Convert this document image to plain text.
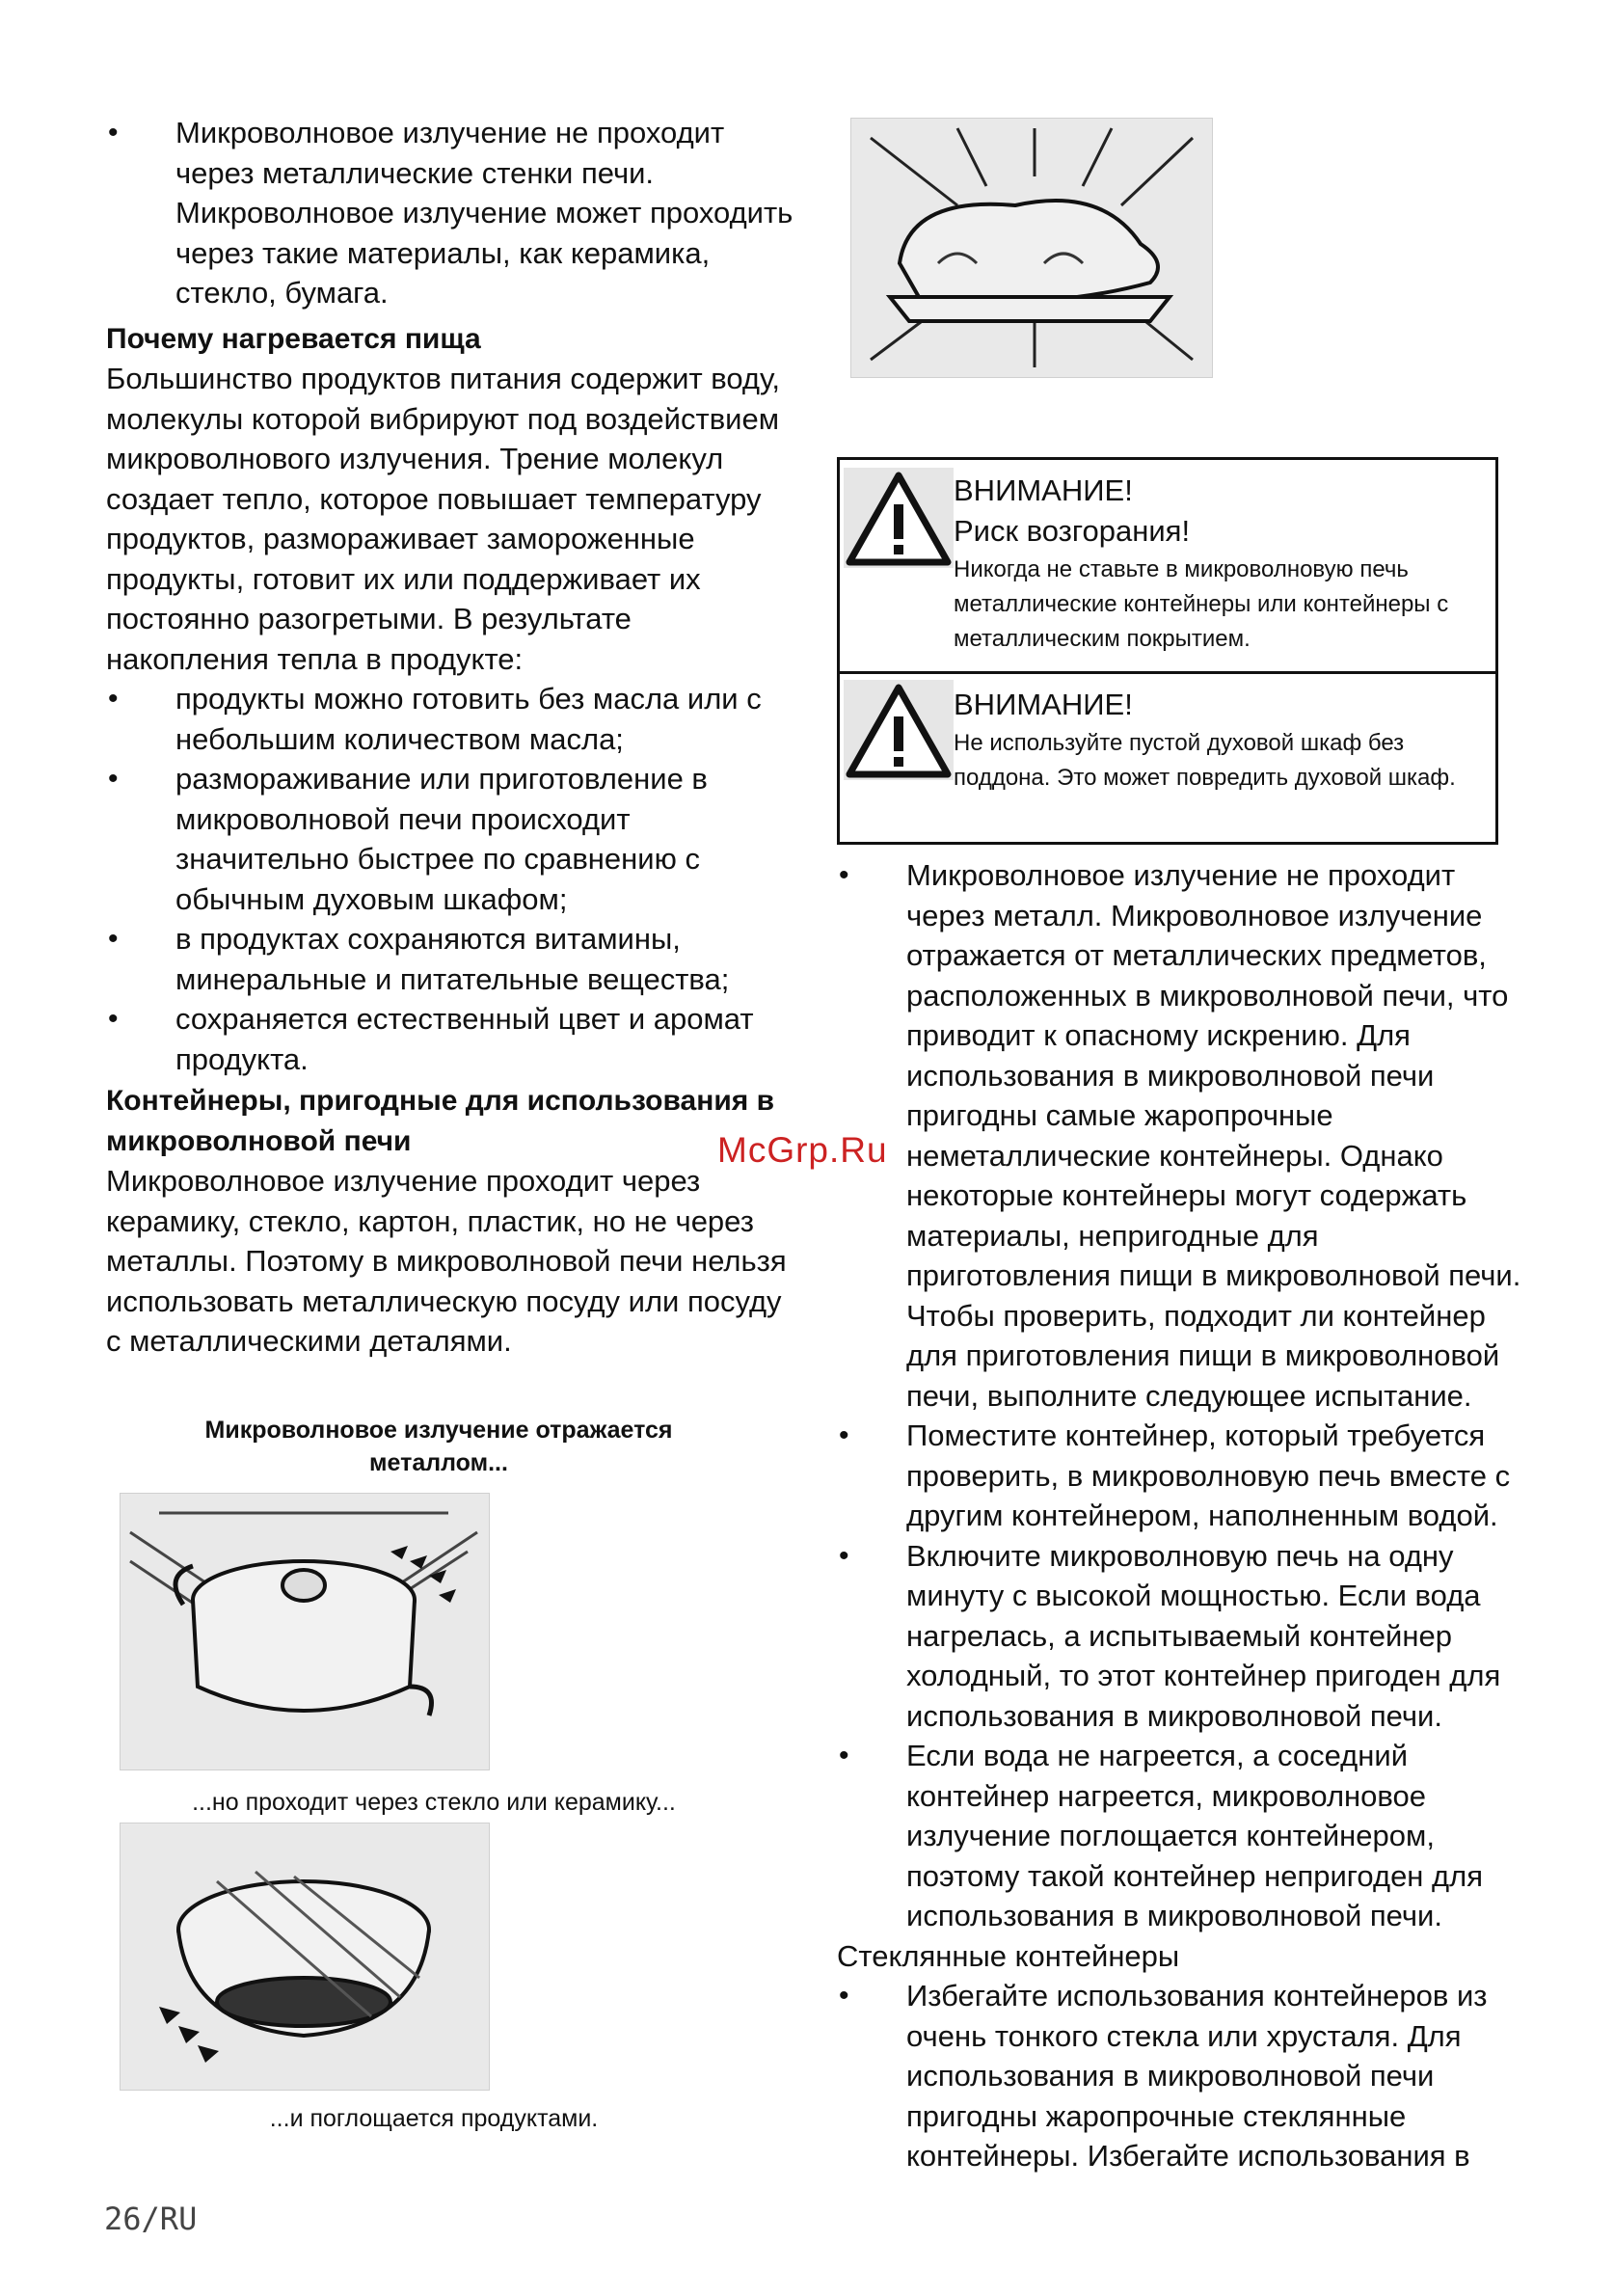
• Микроволновое излучение не проходит через металлические стенки печи. Микроволновое излучение может проходить через такие материалы, как керамика, стекло, бумага.

Почему нагревается пища

Большинство продуктов питания содержит воду, молекулы которой вибрируют под воздействием микроволнового излучения. Трение молекул создает тепло, которое повышает температуру продуктов, размораживает замороженные продукты, готовит их или поддерживает их постоянно разогретыми. В результате накопления тепла в продукте:

• продукты можно готовить без масла или с небольшим количеством масла;
• размораживание или приготовление в микроволновой печи происходит значительно быстрее по сравнению с обычным духовым шкафом;
• в продуктах сохраняются витамины, минеральные и питательные вещества;
• сохраняется естественный цвет и аромат продукта.

Контейнеры, пригодные для использования в микроволновой печи

Микроволновое излучение проходит через керамику, стекло, картон, пластик, но не через металлы. Поэтому в микроволновой печи нельзя использовать металлическую посуду или посуду с металлическими деталями.

Микроволновое излучение отражается металлом...
...но проходит через стекло или керамику...
...и поглощается продуктами.
ВНИМАНИЕ!
Риск возгорания!
Никогда не ставьте в микроволновую печь металлические контейнеры или контейнеры с металлическим покрытием.
ВНИМАНИЕ!
Не используйте пустой духовой шкаф без поддона. Это может повредить духовой шкаф.
• Микроволновое излучение не проходит через металл. Микроволновое излучение отражается от металлических предметов, расположенных в микроволновой печи, что приводит к опасному искрению. Для использования в микроволновой печи пригодны самые жаропрочные неметаллические контейнеры. Однако некоторые контейнеры могут содержать материалы, непригодные для приготовления пищи в микроволновой печи. Чтобы проверить, подходит ли контейнер для приготовления пищи в микроволновой печи, выполните следующее испытание.
• Поместите контейнер, который требуется проверить, в микроволновую печь вместе с другим контейнером, наполненным водой.
• Включите микроволновую печь на одну минуту с высокой мощностью. Если вода нагрелась, а испытываемый контейнер холодный, то этот контейнер пригоден для использования в микроволновой печи.
• Если вода не нагреется, а соседний контейнер нагреется, микроволновое излучение поглощается контейнером, поэтому такой контейнер непригоден для использования в микроволновой печи.

Стеклянные контейнеры

• Избегайте использования контейнеров из очень тонкого стекла или хрусталя. Для использования в микроволновой печи пригодны жаропрочные стеклянные контейнеры. Избегайте использования в
McGrp.Ru
26/RU
